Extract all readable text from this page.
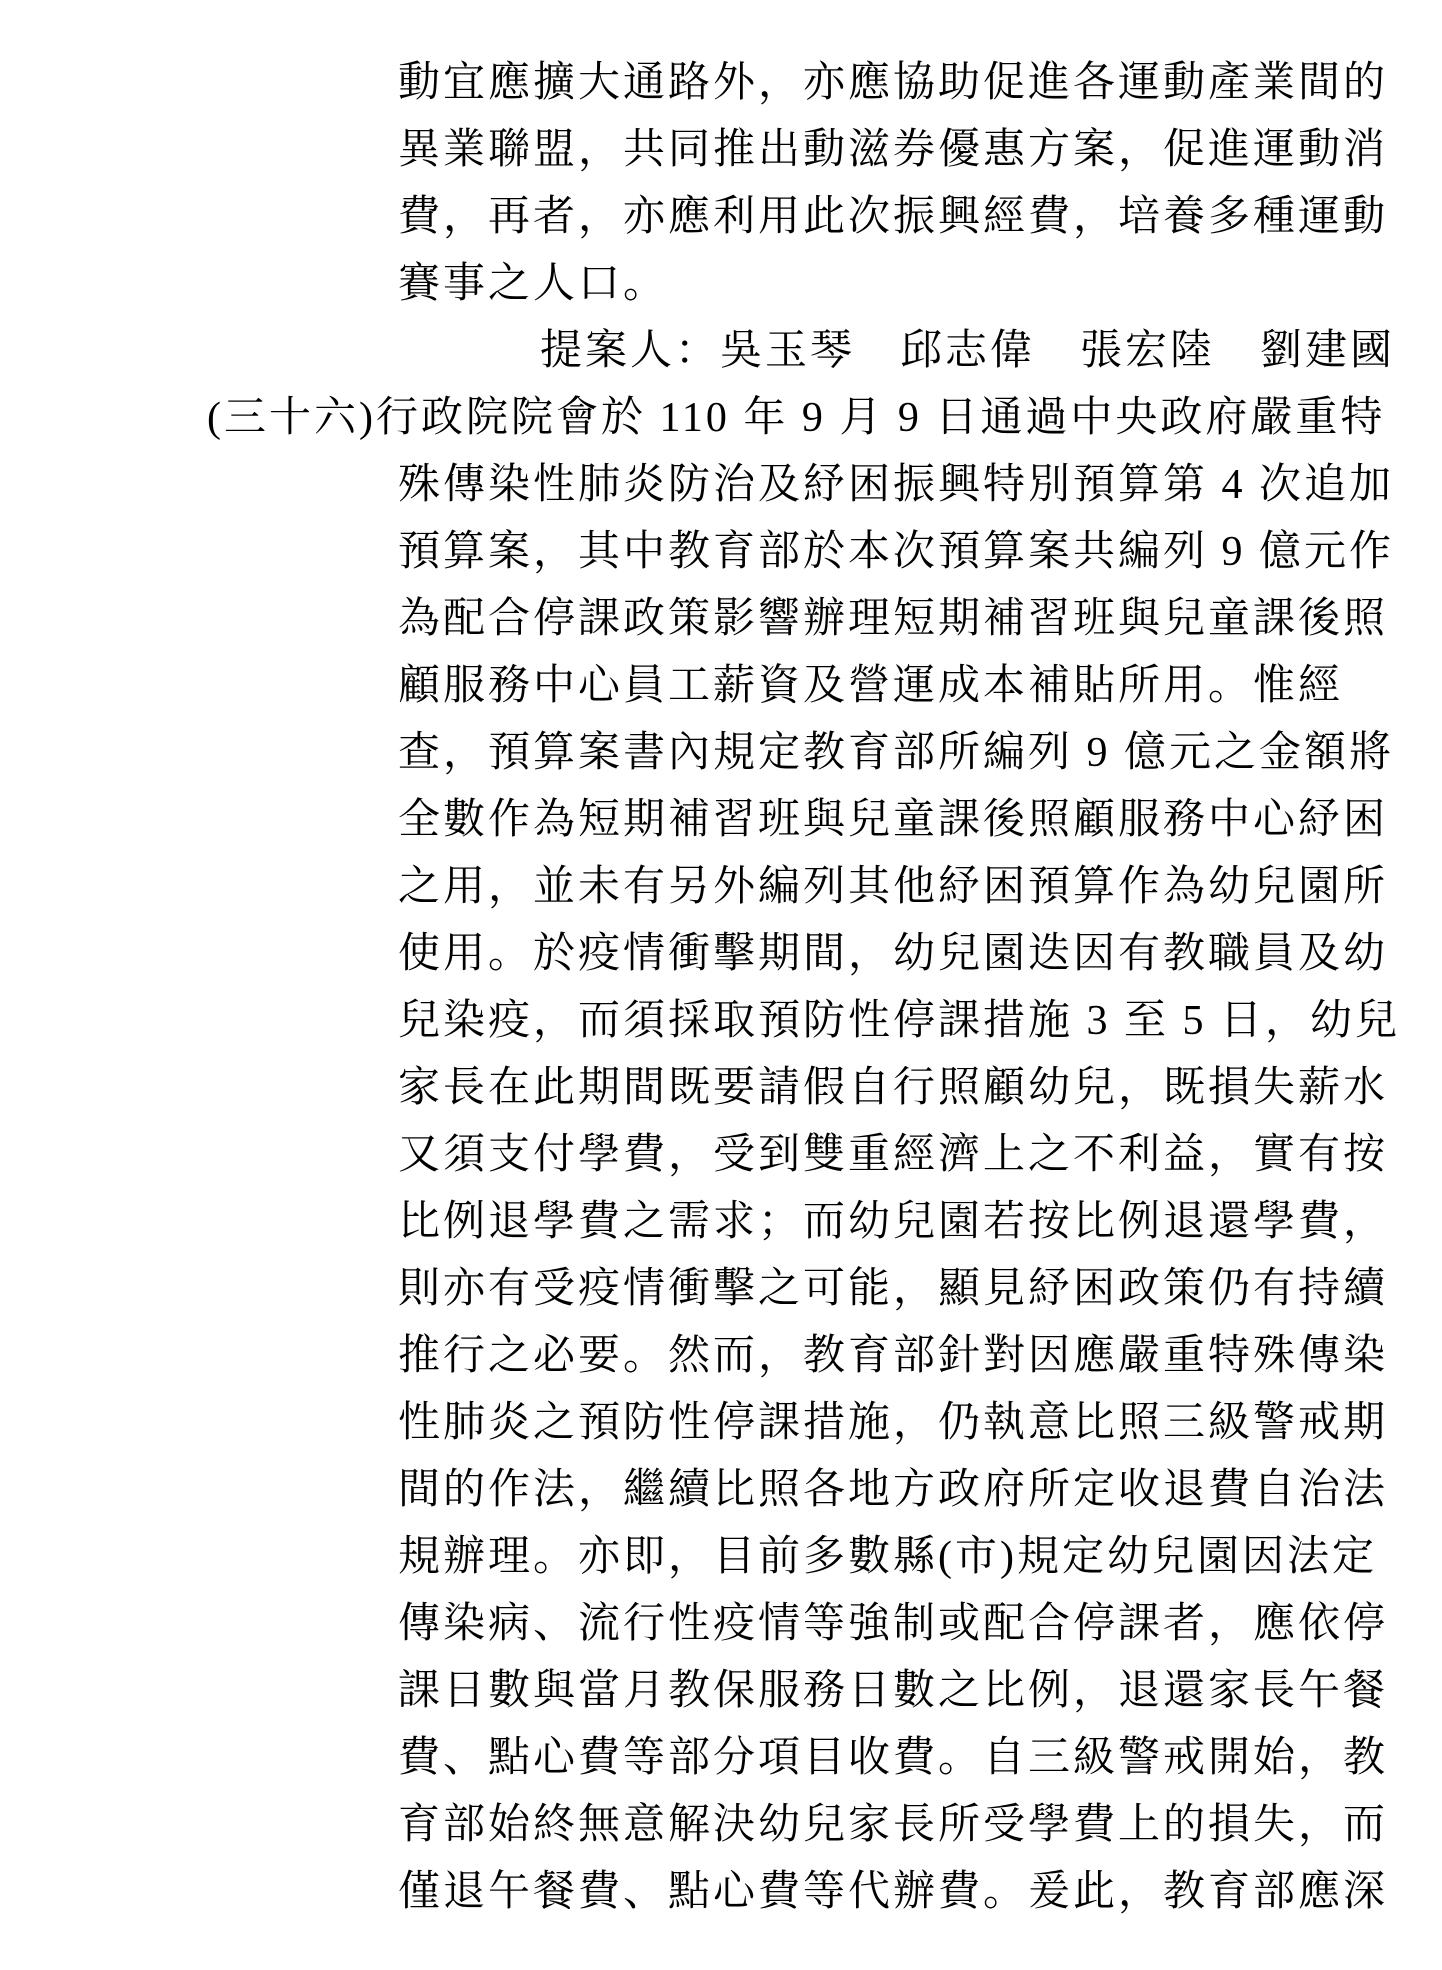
動宜應擴大通路外，亦應協助促進各運動產業間的
異業聯盟，共同推出動滋券優惠方案，促進運動消
費，再者，亦應利用此次振興經費，培養多種運動
賽事之人口。
提案人：吳玉琴　邱志偉　張宏陸　劉建國
(三十六)行政院院會於 110 年 9 月 9 日通過中央政府嚴重特
殊傳染性肺炎防治及紓困振興特別預算第 4 次追加
預算案，其中教育部於本次預算案共編列 9 億元作
為配合停課政策影響辦理短期補習班與兒童課後照
顧服務中心員工薪資及營運成本補貼所用。惟經
查，預算案書內規定教育部所編列 9 億元之金額將
全數作為短期補習班與兒童課後照顧服務中心紓困
之用，並未有另外編列其他紓困預算作為幼兒園所
使用。於疫情衝擊期間，幼兒園迭因有教職員及幼
兒染疫，而須採取預防性停課措施 3 至 5 日，幼兒
家長在此期間既要請假自行照顧幼兒，既損失薪水
又須支付學費，受到雙重經濟上之不利益，實有按
比例退學費之需求；而幼兒園若按比例退還學費，
則亦有受疫情衝擊之可能，顯見紓困政策仍有持續
推行之必要。然而，教育部針對因應嚴重特殊傳染
性肺炎之預防性停課措施，仍執意比照三級警戒期
間的作法，繼續比照各地方政府所定收退費自治法
規辦理。亦即，目前多數縣(市)規定幼兒園因法定
傳染病、流行性疫情等強制或配合停課者，應依停
課日數與當月教保服務日數之比例，退還家長午餐
費、點心費等部分項目收費。自三級警戒開始，教
育部始終無意解決幼兒家長所受學費上的損失，而
僅退午餐費、點心費等代辦費。爰此，教育部應深
